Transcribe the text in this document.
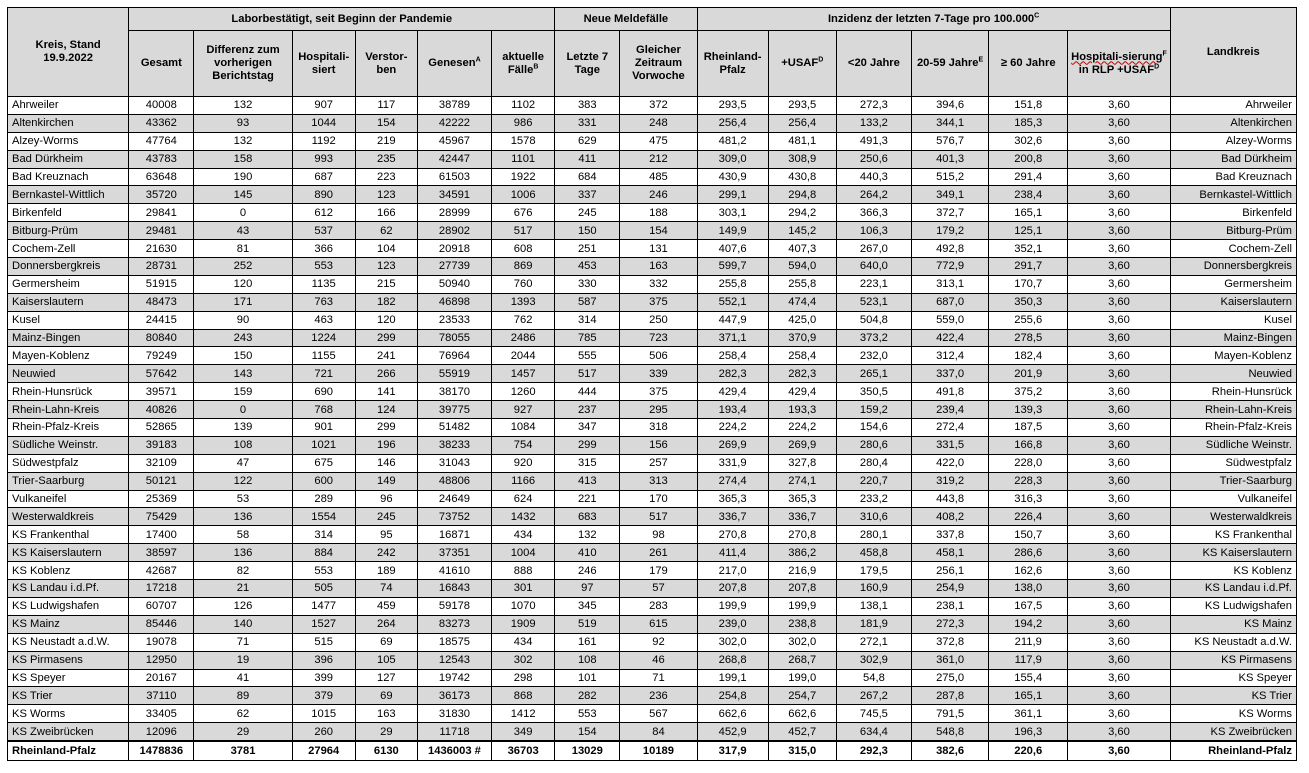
Kreis, Stand
19.9.2022	Laborbestätigt, seit Beginn der Pandemie						Neue Meldefälle		Inzidenz der letzten 7-Tage pro $100.000^C$						Landkreis
	Gesamt	Differenz zum vorherigen Berichtstag	Hospitali-siert	Verstor-ben	Genesen$^A$	aktuelle Fälle$^B$	Letzte 7 Tage	Gleicher Zeitraum Vorwoche	Rheinland-Pfalz	$+USAF^D$	<20 Jahre	20-59 Jahre$^E$	≥ 60 Jahre	Hospitali-sierung$^F$ in RLP $+USAF^D$
Ahrweiler	40008	132	907	117	38789	1102	383	372	293,5	293,5	272,3	394,6	151,8	3,60	Ahrweiler
Altenkirchen	43362	93	1044	154	42222	986	331	248	256,4	256,4	133,2	344,1	185,3	3,60	Altenkirchen
Alzey-Worms	47764	132	1192	219	45967	1578	629	475	481,2	481,1	491,3	576,7	302,6	3,60	Alzey-Worms
Bad Dürkheim	43783	158	993	235	42447	1101	411	212	309,0	308,9	250,6	401,3	200,8	3,60	Bad Dürkheim
Bad Kreuznach	63648	190	687	223	61503	1922	684	485	430,9	430,8	440,3	515,2	291,4	3,60	Bad Kreuznach
Bernkastel-Wittlich	35720	145	890	123	34591	1006	337	246	299,1	294,8	264,2	349,1	238,4	3,60	Bernkastel-Wittlich
Birkenfeld	29841	0	612	166	28999	676	245	188	303,1	294,2	366,3	372,7	165,1	3,60	Birkenfeld
Bitburg-Prüm	29481	43	537	62	28902	517	150	154	149,9	145,2	106,3	179,2	125,1	3,60	Bitburg-Prüm
Cochem-Zell	21630	81	366	104	20918	608	251	131	407,6	407,3	267,0	492,8	352,1	3,60	Cochem-Zell
Donnersbergkreis	28731	252	553	123	27739	869	453	163	599,7	594,0	640,0	772,9	291,7	3,60	Donnersbergkreis
Germersheim	51915	120	1135	215	50940	760	330	332	255,8	255,8	223,1	313,1	170,7	3,60	Germersheim
Kaiserslautern	48473	171	763	182	46898	1393	587	375	552,1	474,4	523,1	687,0	350,3	3,60	Kaiserslautern
Kusel	24415	90	463	120	23533	762	314	250	447,9	425,0	504,8	559,0	255,6	3,60	Kusel
Mainz-Bingen	80840	243	1224	299	78055	2486	785	723	371,1	370,9	373,2	422,4	278,5	3,60	Mainz-Bingen
Mayen-Koblenz	79249	150	1155	241	76964	2044	555	506	258,4	258,4	232,0	312,4	182,4	3,60	Mayen-Koblenz
Neuwied	57642	143	721	266	55919	1457	517	339	282,3	282,3	265,1	337,0	201,9	3,60	Neuwied
Rhein-Hunsrück	39571	159	690	141	38170	1260	444	375	429,4	429,4	350,5	491,8	375,2	3,60	Rhein-Hunsrück
Rhein-Lahn-Kreis	40826	0	768	124	39775	927	237	295	193,4	193,3	159,2	239,4	139,3	3,60	Rhein-Lahn-Kreis
Rhein-Pfalz-Kreis	52865	139	901	299	51482	1084	347	318	224,2	224,2	154,6	272,4	187,5	3,60	Rhein-Pfalz-Kreis
Südliche Weinstr.	39183	108	1021	196	38233	754	299	156	269,9	269,9	280,6	331,5	166,8	3,60	Südliche Weinstr.
Südwestpfalz	32109	47	675	146	31043	920	315	257	331,9	327,8	280,4	422,0	228,0	3,60	Südwestpfalz
Trier-Saarburg	50121	122	600	149	48806	1166	413	313	274,4	274,1	220,7	319,2	228,3	3,60	Trier-Saarburg
Vulkaneifel	25369	53	289	96	24649	624	221	170	365,3	365,3	233,2	443,8	316,3	3,60	Vulkaneifel
Westerwaldkreis	75429	136	1554	245	73752	1432	683	517	336,7	336,7	310,6	408,2	226,4	3,60	Westerwaldkreis
KS Frankenthal	17400	58	314	95	16871	434	132	98	270,8	270,8	280,1	337,8	150,7	3,60	KS Frankenthal
KS Kaiserslautern	38597	136	884	242	37351	1004	410	261	411,4	386,2	458,8	458,1	286,6	3,60	KS Kaiserslautern
KS Koblenz	42687	82	553	189	41610	888	246	179	217,0	216,9	179,5	256,1	162,6	3,60	KS Koblenz
KS Landau i.d.Pf.	17218	21	505	74	16843	301	97	57	207,8	207,8	160,9	254,9	138,0	3,60	KS Landau i.d.Pf.
KS Ludwigshafen	60707	126	1477	459	59178	1070	345	283	199,9	199,9	138,1	238,1	167,5	3,60	KS Ludwigshafen
KS Mainz	85446	140	1527	264	83273	1909	519	615	239,0	238,8	181,9	272,3	194,2	3,60	KS Mainz
KS Neustadt a.d.W.	19078	71	515	69	18575	434	161	92	302,0	302,0	272,1	372,8	211,9	3,60	KS Neustadt a.d.W.
KS Pirmasens	12950	19	396	105	12543	302	108	46	268,8	268,7	302,9	361,0	117,9	3,60	KS Pirmasens
KS Speyer	20167	41	399	127	19742	298	101	71	199,1	199,0	54,8	275,0	155,4	3,60	KS Speyer
KS Trier	37110	89	379	69	36173	868	282	236	254,8	254,7	267,2	287,8	165,1	3,60	KS Trier
KS Worms	33405	62	1015	163	31830	1412	553	567	662,6	662,6	745,5	791,5	361,1	3,60	KS Worms
KS Zweibrücken	12096	29	260	29	11718	349	154	84	452,9	452,7	634,4	548,8	196,3	3,60	KS Zweibrücken
Rheinland-Pfalz	1478836	3781	27964	6130	1436003 #	36703	13029	10189	317,9	315,0	292,3	382,6	220,6	3,60	Rheinland-Pfalz
